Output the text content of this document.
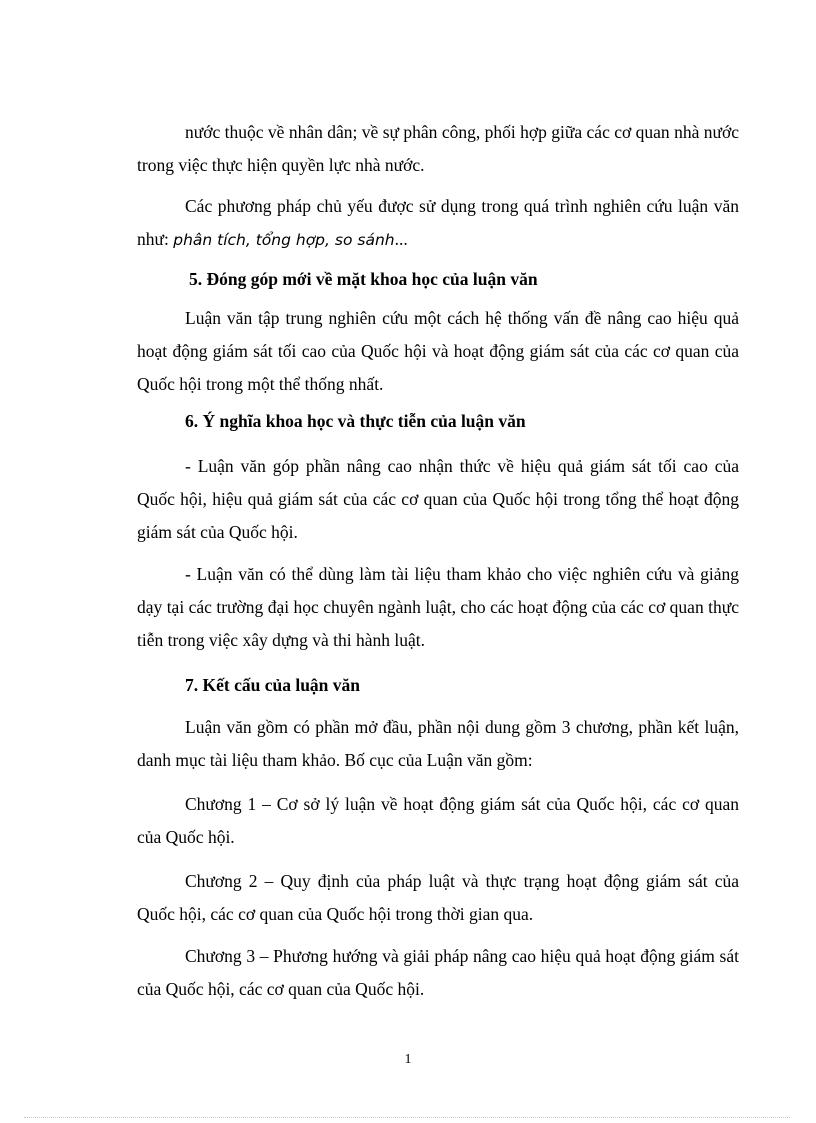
nước thuộc về nhân dân; về sự phân công, phối hợp giữa các cơ quan nhà nước trong việc thực hiện quyền lực nhà nước.

Các phương pháp chủ yếu được sử dụng trong quá trình nghiên cứu luận văn như: phân tích, tổng hợp, so sánh...

5. Đóng góp mới về mặt khoa học của luận văn

Luận văn tập trung nghiên cứu một cách hệ thống vấn đề nâng cao hiệu quả hoạt động giám sát tối cao của Quốc hội và hoạt động giám sát của các cơ quan của Quốc hội trong một thể thống nhất.

6. Ý nghĩa khoa học và thực tiễn của luận văn

- Luận văn góp phần nâng cao nhận thức về hiệu quả giám sát tối cao của Quốc hội, hiệu quả giám sát của các cơ quan của Quốc hội trong tổng thể hoạt động giám sát của Quốc hội.

- Luận văn có thể dùng làm tài liệu tham khảo cho việc nghiên cứu và giảng dạy tại các trường đại học chuyên ngành luật, cho các hoạt động của các cơ quan thực tiễn trong việc xây dựng và thi hành luật.

7. Kết cấu của luận văn

Luận văn gồm có phần mở đầu, phần nội dung gồm 3 chương, phần kết luận, danh mục tài liệu tham khảo. Bố cục của Luận văn gồm:

Chương 1 – Cơ sở lý luận về hoạt động giám sát của Quốc hội, các cơ quan của Quốc hội.

Chương 2 – Quy định của pháp luật và thực trạng hoạt động giám sát của Quốc hội, các cơ quan của Quốc hội trong thời gian qua.

Chương 3 – Phương hướng và giải pháp nâng cao hiệu quả hoạt động giám sát của Quốc hội, các cơ quan của Quốc hội.

1
